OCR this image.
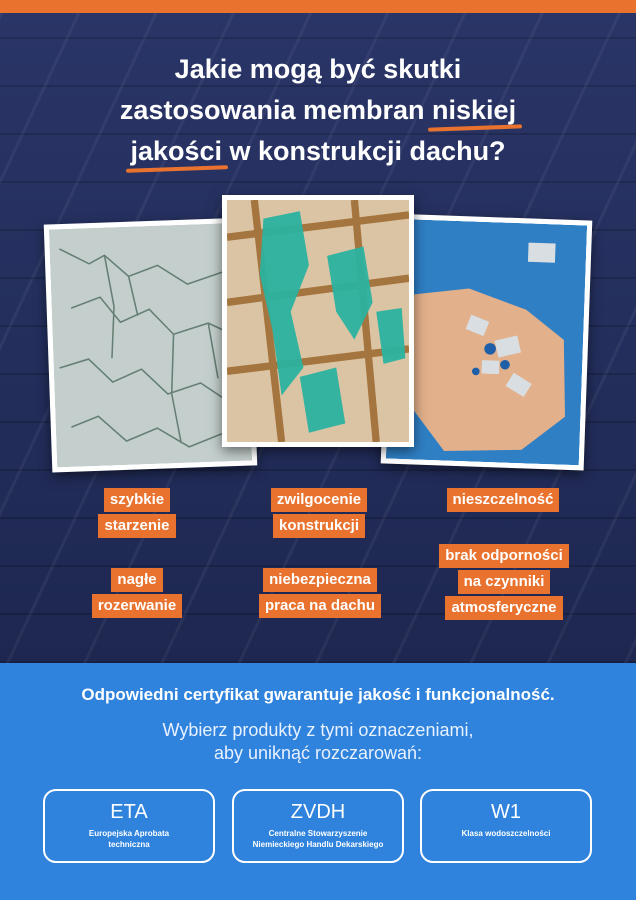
Jakie mogą być skutki
zastosowania membran niskiej
jakości w konstrukcji dachu?
szybkie
starzenie
zwilgocenie
konstrukcji
nieszczelność
nagłe
rozerwanie
niebezpieczna
praca na dachu
brak odporności
na czynniki
atmosferyczne
Odpowiedni certyfikat gwarantuje jakość i funkcjonalność.
Wybierz produkty z tymi oznaczeniami,
aby uniknąć rozczarowań:
ETA
Europejska Aprobata
techniczna
ZVDH
Centralne Stowarzyszenie
Niemieckiego Handlu Dekarskiego
W1
Klasa wodoszczelności
